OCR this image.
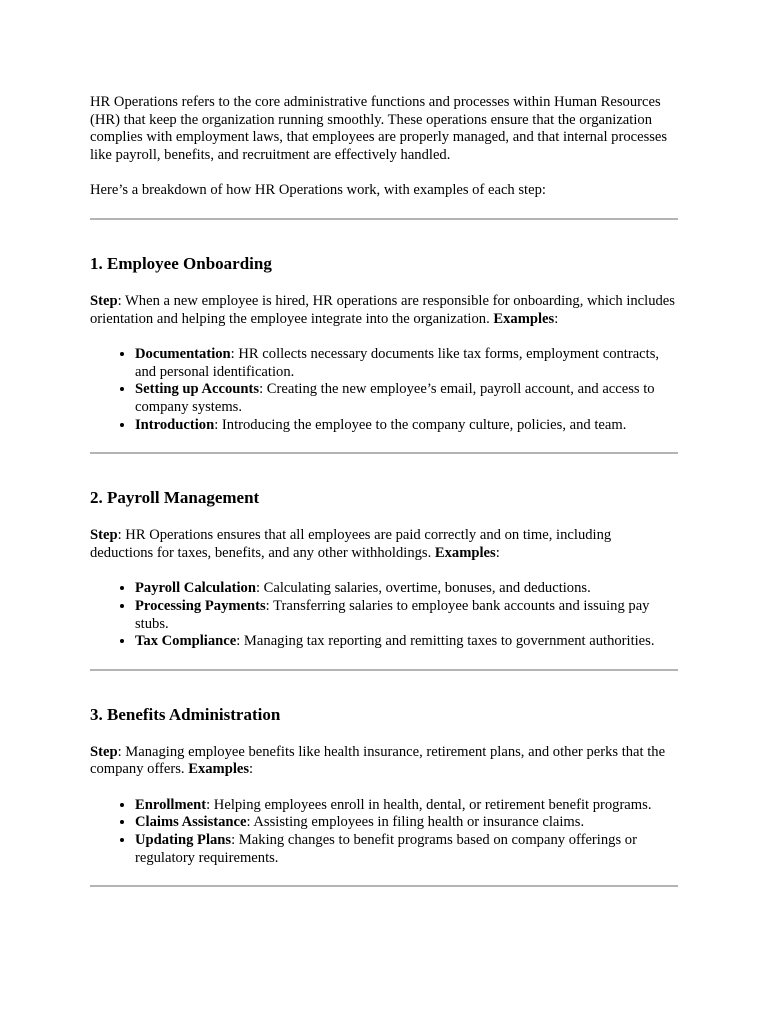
HR Operations refers to the core administrative functions and processes within Human Resources (HR) that keep the organization running smoothly. These operations ensure that the organization complies with employment laws, that employees are properly managed, and that internal processes like payroll, benefits, and recruitment are effectively handled.

Here’s a breakdown of how HR Operations work, with examples of each step:

1. Employee Onboarding

Step: When a new employee is hired, HR operations are responsible for onboarding, which includes orientation and helping the employee integrate into the organization. Examples:

• Documentation: HR collects necessary documents like tax forms, employment contracts, and personal identification.
• Setting up Accounts: Creating the new employee’s email, payroll account, and access to company systems.
• Introduction: Introducing the employee to the company culture, policies, and team.
2. Payroll Management

Step: HR Operations ensures that all employees are paid correctly and on time, including deductions for taxes, benefits, and any other withholdings. Examples:

• Payroll Calculation: Calculating salaries, overtime, bonuses, and deductions.
• Processing Payments: Transferring salaries to employee bank accounts and issuing pay stubs.
• Tax Compliance: Managing tax reporting and remitting taxes to government authorities.
3. Benefits Administration

Step: Managing employee benefits like health insurance, retirement plans, and other perks that the company offers. Examples:

• Enrollment: Helping employees enroll in health, dental, or retirement benefit programs.
• Claims Assistance: Assisting employees in filing health or insurance claims.
• Updating Plans: Making changes to benefit programs based on company offerings or regulatory requirements.
